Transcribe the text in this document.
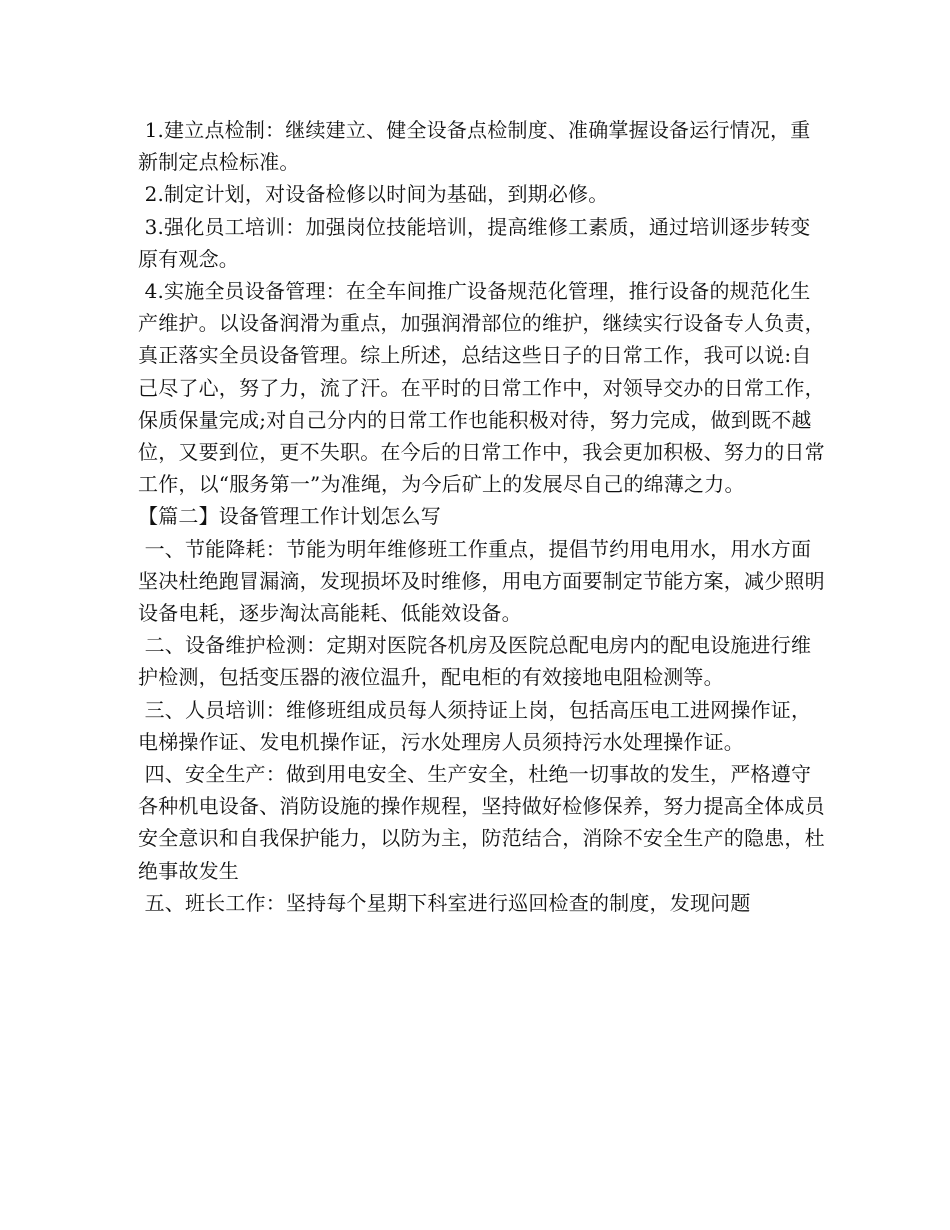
1.建立点检制：继续建立、健全设备点检制度、准确掌握设备运行情况，重新制定点检标准。

2.制定计划，对设备检修以时间为基础，到期必修。

3.强化员工培训：加强岗位技能培训，提高维修工素质，通过培训逐步转变原有观念。

4.实施全员设备管理：在全车间推广设备规范化管理，推行设备的规范化生产维护。以设备润滑为重点，加强润滑部位的维护，继续实行设备专人负责，真正落实全员设备管理。综上所述，总结这些日子的日常工作，我可以说:自己尽了心，努了力，流了汗。在平时的日常工作中，对领导交办的日常工作，保质保量完成;对自己分内的日常工作也能积极对待，努力完成，做到既不越位，又要到位，更不失职。在今后的日常工作中，我会更加积极、努力的日常工作，以“服务第一”为准绳，为今后矿上的发展尽自己的绵薄之力。

【篇二】设备管理工作计划怎么写

一、节能降耗：节能为明年维修班工作重点，提倡节约用电用水，用水方面坚决杜绝跑冒漏滴，发现损坏及时维修，用电方面要制定节能方案，减少照明设备电耗，逐步淘汰高能耗、低能效设备。

二、设备维护检测：定期对医院各机房及医院总配电房内的配电设施进行维护检测，包括变压器的液位温升，配电柜的有效接地电阻检测等。

三、人员培训：维修班组成员每人须持证上岗，包括高压电工进网操作证，电梯操作证、发电机操作证，污水处理房人员须持污水处理操作证。

四、安全生产：做到用电安全、生产安全，杜绝一切事故的发生，严格遵守各种机电设备、消防设施的操作规程，坚持做好检修保养，努力提高全体成员安全意识和自我保护能力，以防为主，防范结合，消除不安全生产的隐患，杜绝事故发生

五、班长工作：坚持每个星期下科室进行巡回检查的制度，发现问题
